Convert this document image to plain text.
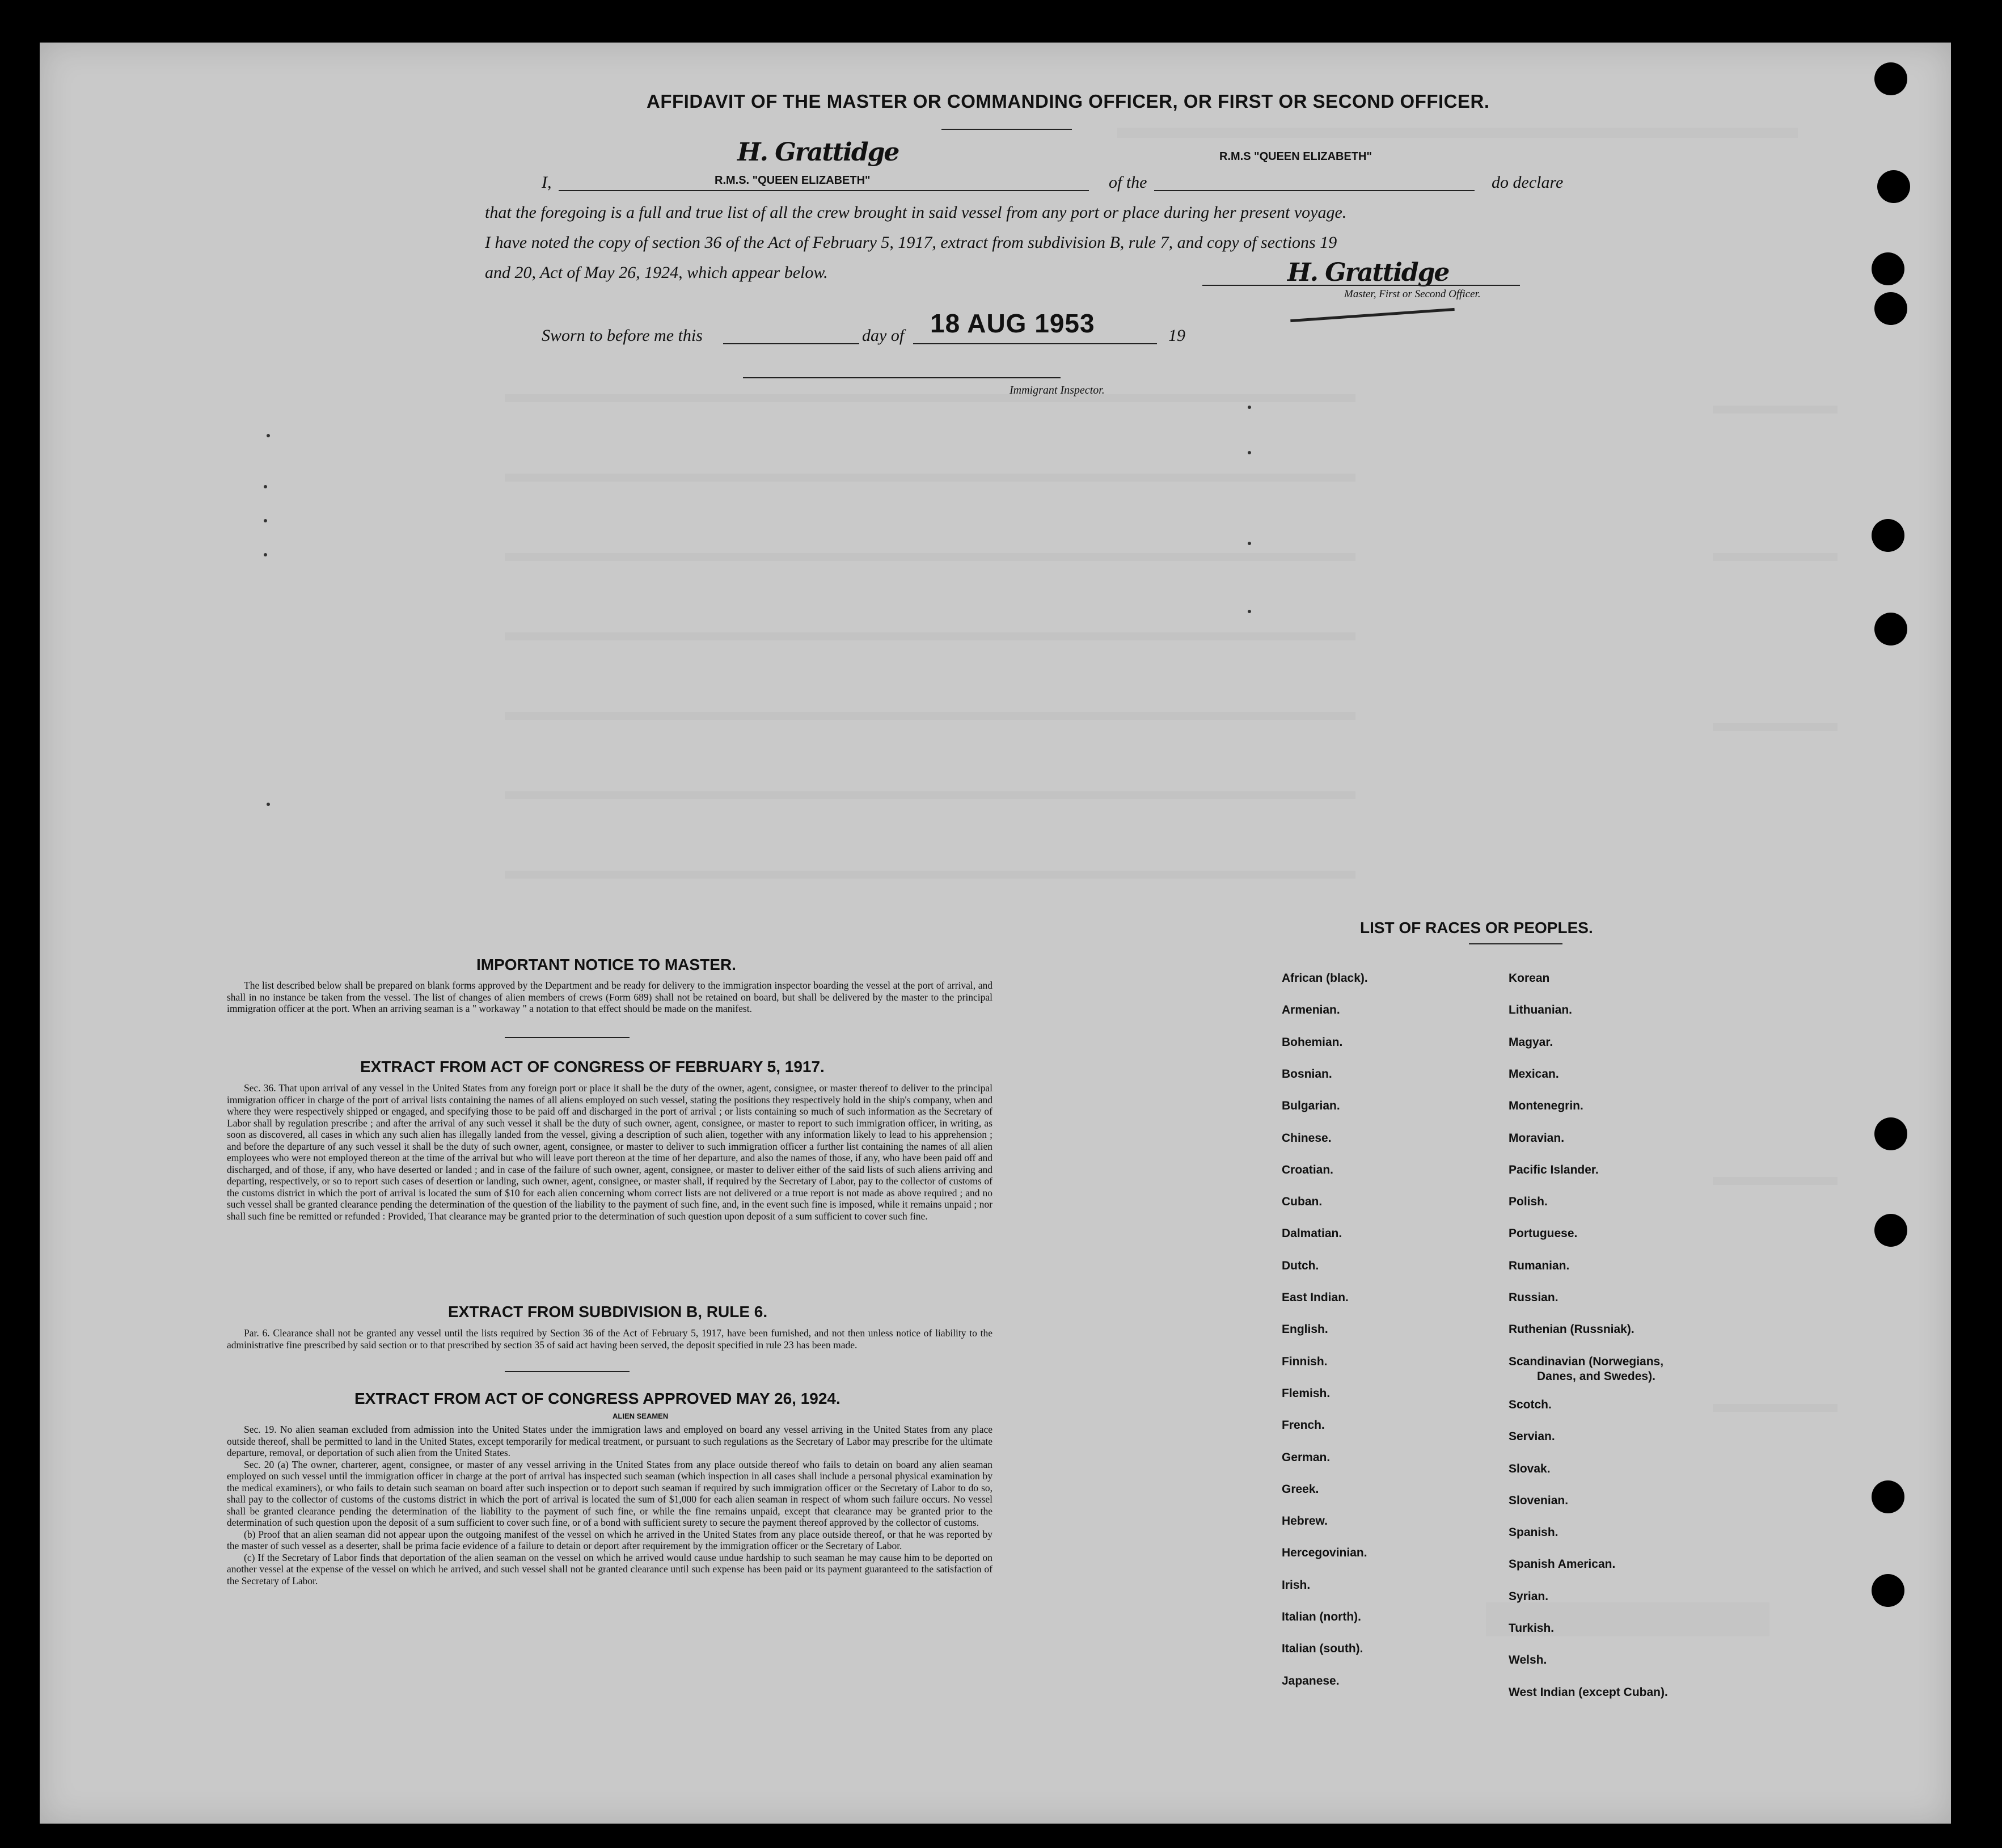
AFFIDAVIT OF THE MASTER OR COMMANDING OFFICER, OR FIRST OR SECOND OFFICER.
I,
H. Grattidge
R.M.S. "QUEEN ELIZABETH"	of the
R.M.S "QUEEN ELIZABETH"
do declare
that the foregoing is a full and true list of all the crew brought in said vessel from any port or place during her present voyage.
I have noted the copy of section 36 of the Act of February 5, 1917, extract from subdivision B, rule 7, and copy of sections 19
and 20, Act of May 26, 1924, which appear below.	H. Grattidge
Master, First or Second Officer.
Sworn to before me this	day of 18 AUG 1953	19
Immigrant Inspector.
IMPORTANT NOTICE TO MASTER.

The list described below shall be prepared on blank forms approved by the Department and be ready for delivery to the immigration inspector boarding the vessel at the port of arrival, and shall in no instance be taken from the vessel. The list of changes of alien members of crews (Form 689) shall not be retained on board, but shall be delivered by the master to the principal immigration officer at the port. When an arriving seaman is a " workaway " a notation to that effect should be made on the manifest.

EXTRACT FROM ACT OF CONGRESS OF FEBRUARY 5, 1917.

Sec. 36. That upon arrival of any vessel in the United States from any foreign port or place it shall be the duty of the owner, agent, consignee, or master thereof to deliver to the principal immigration officer in charge of the port of arrival lists containing the names of all aliens employed on such vessel, stating the positions they respectively hold in the ship's company, when and where they were respectively shipped or engaged, and specifying those to be paid off and discharged in the port of arrival ; or lists containing so much of such information as the Secretary of Labor shall by regulation prescribe ; and after the arrival of any such vessel it shall be the duty of such owner, agent, consignee, or master to report to such immigration officer, in writing, as soon as discovered, all cases in which any such alien has illegally landed from the vessel, giving a description of such alien, together with any information likely to lead to his apprehension ; and before the departure of any such vessel it shall be the duty of such owner, agent, consignee, or master to deliver to such immigration officer a further list containing the names of all alien employees who were not employed thereon at the time of the arrival but who will leave port thereon at the time of her departure, and also the names of those, if any, who have been paid off and discharged, and of those, if any, who have deserted or landed ; and in case of the failure of such owner, agent, consignee, or master to deliver either of the said lists of such aliens arriving and departing, respectively, or so to report such cases of desertion or landing, such owner, agent, consignee, or master shall, if required by the Secretary of Labor, pay to the collector of customs of the customs district in which the port of arrival is located the sum of $10 for each alien concerning whom correct lists are not delivered or a true report is not made as above required ; and no such vessel shall be granted clearance pending the determination of the question of the liability to the payment of such fine, and, in the event such fine is imposed, while it remains unpaid ; nor shall such fine be remitted or refunded : Provided, That clearance may be granted prior to the determination of such question upon deposit of a sum sufficient to cover such fine.

EXTRACT FROM SUBDIVISION B, RULE 6.

Par. 6. Clearance shall not be granted any vessel until the lists required by Section 36 of the Act of February 5, 1917, have been furnished, and not then unless notice of liability to the administrative fine prescribed by said section or to that prescribed by section 35 of said act having been served, the deposit specified in rule 23 has been made.

EXTRACT FROM ACT OF CONGRESS APPROVED MAY 26, 1924.
ALIEN SEAMEN

Sec. 19. No alien seaman excluded from admission into the United States under the immigration laws and employed on board any vessel arriving in the United States from any place outside thereof, shall be permitted to land in the United States, except temporarily for medical treatment, or pursuant to such regulations as the Secretary of Labor may prescribe for the ultimate departure, removal, or deportation of such alien from the United States.

Sec. 20 (a) The owner, charterer, agent, consignee, or master of any vessel arriving in the United States from any place outside thereof who fails to detain on board any alien seaman employed on such vessel until the immigration officer in charge at the port of arrival has inspected such seaman (which inspection in all cases shall include a personal physical examination by the medical examiners), or who fails to detain such seaman on board after such inspection or to deport such seaman if required by such immigration officer or the Secretary of Labor to do so, shall pay to the collector of customs of the customs district in which the port of arrival is located the sum of $1,000 for each alien seaman in respect of whom such failure occurs. No vessel shall be granted clearance pending the determination of the liability to the payment of such fine, or while the fine remains unpaid, except that clearance may be granted prior to the determination of such question upon the deposit of a sum sufficient to cover such fine, or of a bond with sufficient surety to secure the payment thereof approved by the collector of customs.

(b) Proof that an alien seaman did not appear upon the outgoing manifest of the vessel on which he arrived in the United States from any place outside thereof, or that he was reported by the master of such vessel as a deserter, shall be prima facie evidence of a failure to detain or deport after requirement by the immigration officer or the Secretary of Labor.

(c) If the Secretary of Labor finds that deportation of the alien seaman on the vessel on which he arrived would cause undue hardship to such seaman he may cause him to be deported on another vessel at the expense of the vessel on which he arrived, and such vessel shall not be granted clearance until such expense has been paid or its payment guaranteed to the satisfaction of the Secretary of Labor.

LIST OF RACES OR PEOPLES.
African (black).
Armenian.
Bohemian.
Bosnian.
Bulgarian.
Chinese.
Croatian.
Cuban.
Dalmatian.
Dutch.
East Indian.
English.
Finnish.
Flemish.
French.
German.
Greek.
Hebrew.
Hercegovinian.
Irish.
Italian (north).
Italian (south).
Japanese.
Korean
Lithuanian.
Magyar.
Mexican.
Montenegrin.
Moravian.
Pacific Islander.
Polish.
Portuguese.
Rumanian.
Russian.
Ruthenian (Russniak).
Scandinavian (Norwegians,
Danes, and Swedes).
Scotch.
Servian.
Slovak.
Slovenian.
Spanish.
Spanish American.
Syrian.
Turkish.
Welsh.
West Indian (except Cuban).
